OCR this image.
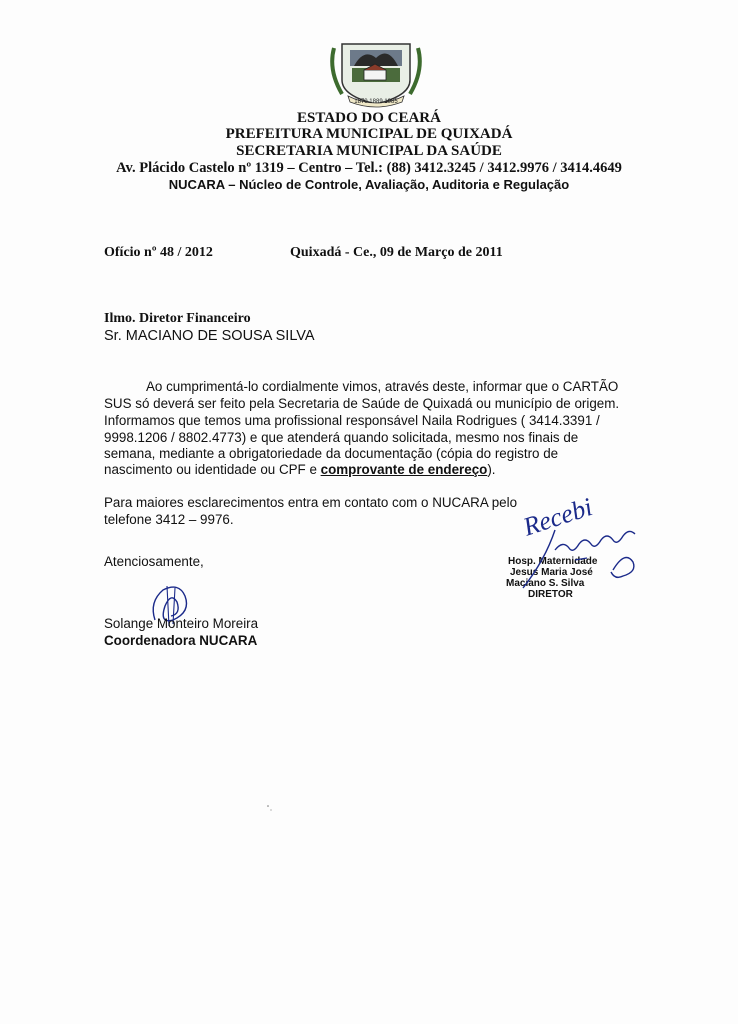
1870 1889 1985
ESTADO DO CEARÁ
PREFEITURA MUNICIPAL DE QUIXADÁ
SECRETARIA MUNICIPAL DA SAÚDE
Av. Plácido Castelo nº 1319 – Centro – Tel.: (88) 3412.3245 / 3412.9976 / 3414.4649
NUCARA – Núcleo de Controle, Avaliação, Auditoria e Regulação
Ofício nº 48 / 2012	Quixadá - Ce., 09 de Março de 2011
Ilmo. Diretor Financeiro
Sr. MACIANO DE SOUSA SILVA
Ao cumprimentá-lo cordialmente vimos, através deste, informar que o CARTÃO
SUS só deverá ser feito pela Secretaria de Saúde de Quixadá ou município de origem.
Informamos que temos uma profissional responsável Naila Rodrigues ( 3414.3391 /
9998.1206 / 8802.4773) e que atenderá quando solicitada, mesmo nos finais de
semana, mediante a obrigatoriedade da documentação (cópia do registro de
nascimento ou identidade ou CPF e comprovante de endereço).
Para maiores esclarecimentos entra em contato com o NUCARA pelo
telefone 3412 – 9976.
Atenciosamente,
Solange Monteiro Moreira
Coordenadora NUCARA
Hosp. Maternidade
Jesus Maria José
Maciano S. Silva
DIRETOR
Recebi
